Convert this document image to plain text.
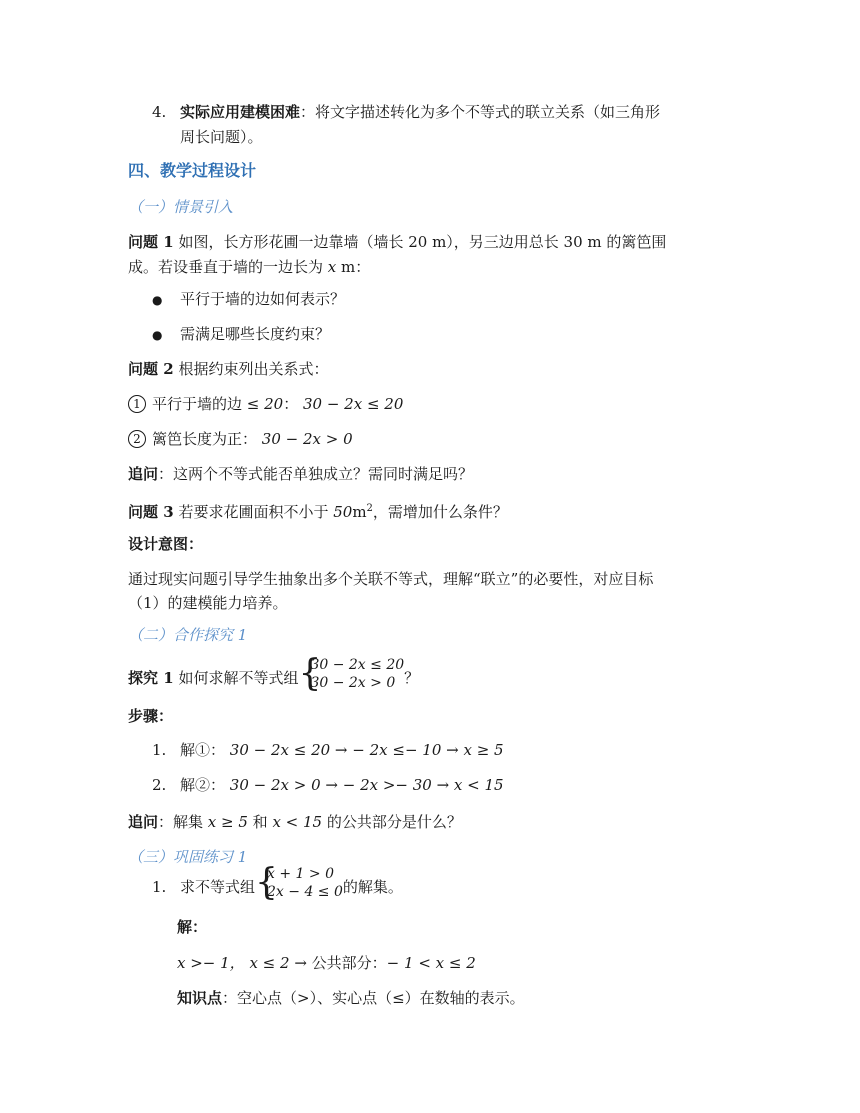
4. 实际应用建模困难：将文字描述转化为多个不等式的联立关系（如三角形
周长问题）。
四、教学过程设计
（一）情景引入
问题 1 如图，长方形花圃一边靠墙（墙长 20 m），另三边用总长 30 m 的篱笆围
成。若设垂直于墙的一边长为 x m：
● 平行于墙的边如何表示？
● 需满足哪些长度约束？
问题 2 根据约束列出关系式：
1 平行于墙的边 ≤ 20： 30 − 2x ≤ 20
2 篱笆长度为正： 30 − 2x > 0
追问：这两个不等式能否单独成立？需同时满足吗？
问题 3 若要求花圃面积不小于 $50m^2$，需增加什么条件？
设计意图：
通过现实问题引导学生抽象出多个关联不等式，理解“联立”的必要性，对应目标
（1）的建模能力培养。
（二）合作探究 1
探究 1 如何求解不等式组 {
30 − 2x ≤ 20
30 − 2x > 0 ？
步骤：
1. 解①： 30 − 2x ≤ 20 → − 2x ≤− 10 → x ≥ 5
2. 解②： 30 − 2x > 0 → − 2x >− 30 → x < 15
追问：解集 x ≥ 5 和 x < 15 的公共部分是什么？
（三）巩固练习 1
1. 求不等式组 {
x + 1 > 0
2x − 4 ≤ 0 的解集。
解：
x >− 1， x ≤ 2 → 公共部分：− 1 < x ≤ 2
知识点：空心点（>）、实心点（≤）在数轴的表示。
